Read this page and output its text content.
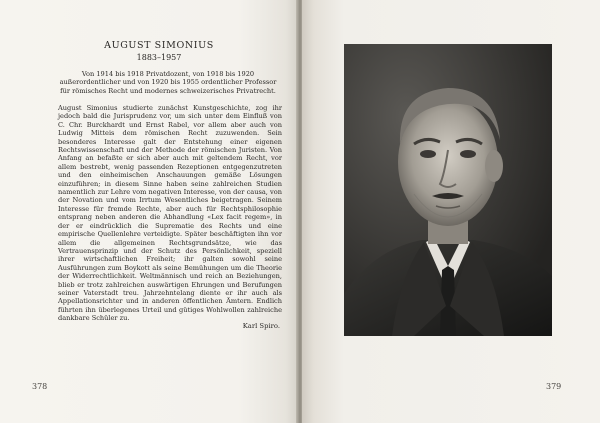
AUGUST SIMONIUS
1883–1957
Von 1914 bis 1918 Privatdozent, von 1918 bis 1920 außerordentlicher und von 1920 bis 1955 ordentlicher Professor für römisches Recht und modernes schweizerisches Privatrecht.

August Simonius studierte zunächst Kunstgeschichte, zog ihr jedoch bald die Jurisprudenz vor, um sich unter dem Einfluß von C. Chr. Burckhardt und Ernst Rabel, vor allem aber auch von Ludwig Mitteis dem römischen Recht zuzuwenden. Sein besonderes Interesse galt der Entstehung einer eigenen Rechtswissenschaft und der Methode der römischen Juristen. Von Anfang an befaßte er sich aber auch mit geltendem Recht, vor allem bestrebt, wenig passenden Rezeptionen entgegenzutreten und den einheimischen Anschauungen gemäße Lösungen einzuführen; in diesem Sinne haben seine zahlreichen Studien namentlich zur Lehre vom negativen Interesse, von der causa, von der Novation und vom Irrtum Wesentliches beigetragen. Seinem Interesse für fremde Rechte, aber auch für Rechtsphilosophie entsprang neben anderen die Abhandlung «Lex facit regem», in der er eindrücklich die Suprematie des Rechts und eine empirische Quellenlehre verteidigte. Später beschäftigten ihn vor allem die allgemeinen Rechtsgrundsätze, wie das Vertrauensprinzip und der Schutz des Persönlichkeit, speziell ihrer wirtschaftlichen Freiheit; ihr galten sowohl seine Ausführungen zum Boykott als seine Bemühungen um die Theorie der Widerrechtlichkeit. Weltmännisch und reich an Beziehungen, blieb er trotz zahlreichen auswärtigen Ehrungen und Berufungen seiner Vaterstadt treu. Jahrzehntelang diente er ihr auch als Appellationsrichter und in anderen öffentlichen Ämtern. Endlich führten ihn überlegenes Urteil und gütiges Wohlwollen zahlreiche dankbare Schüler zu.

Karl Spiro.
378	379
